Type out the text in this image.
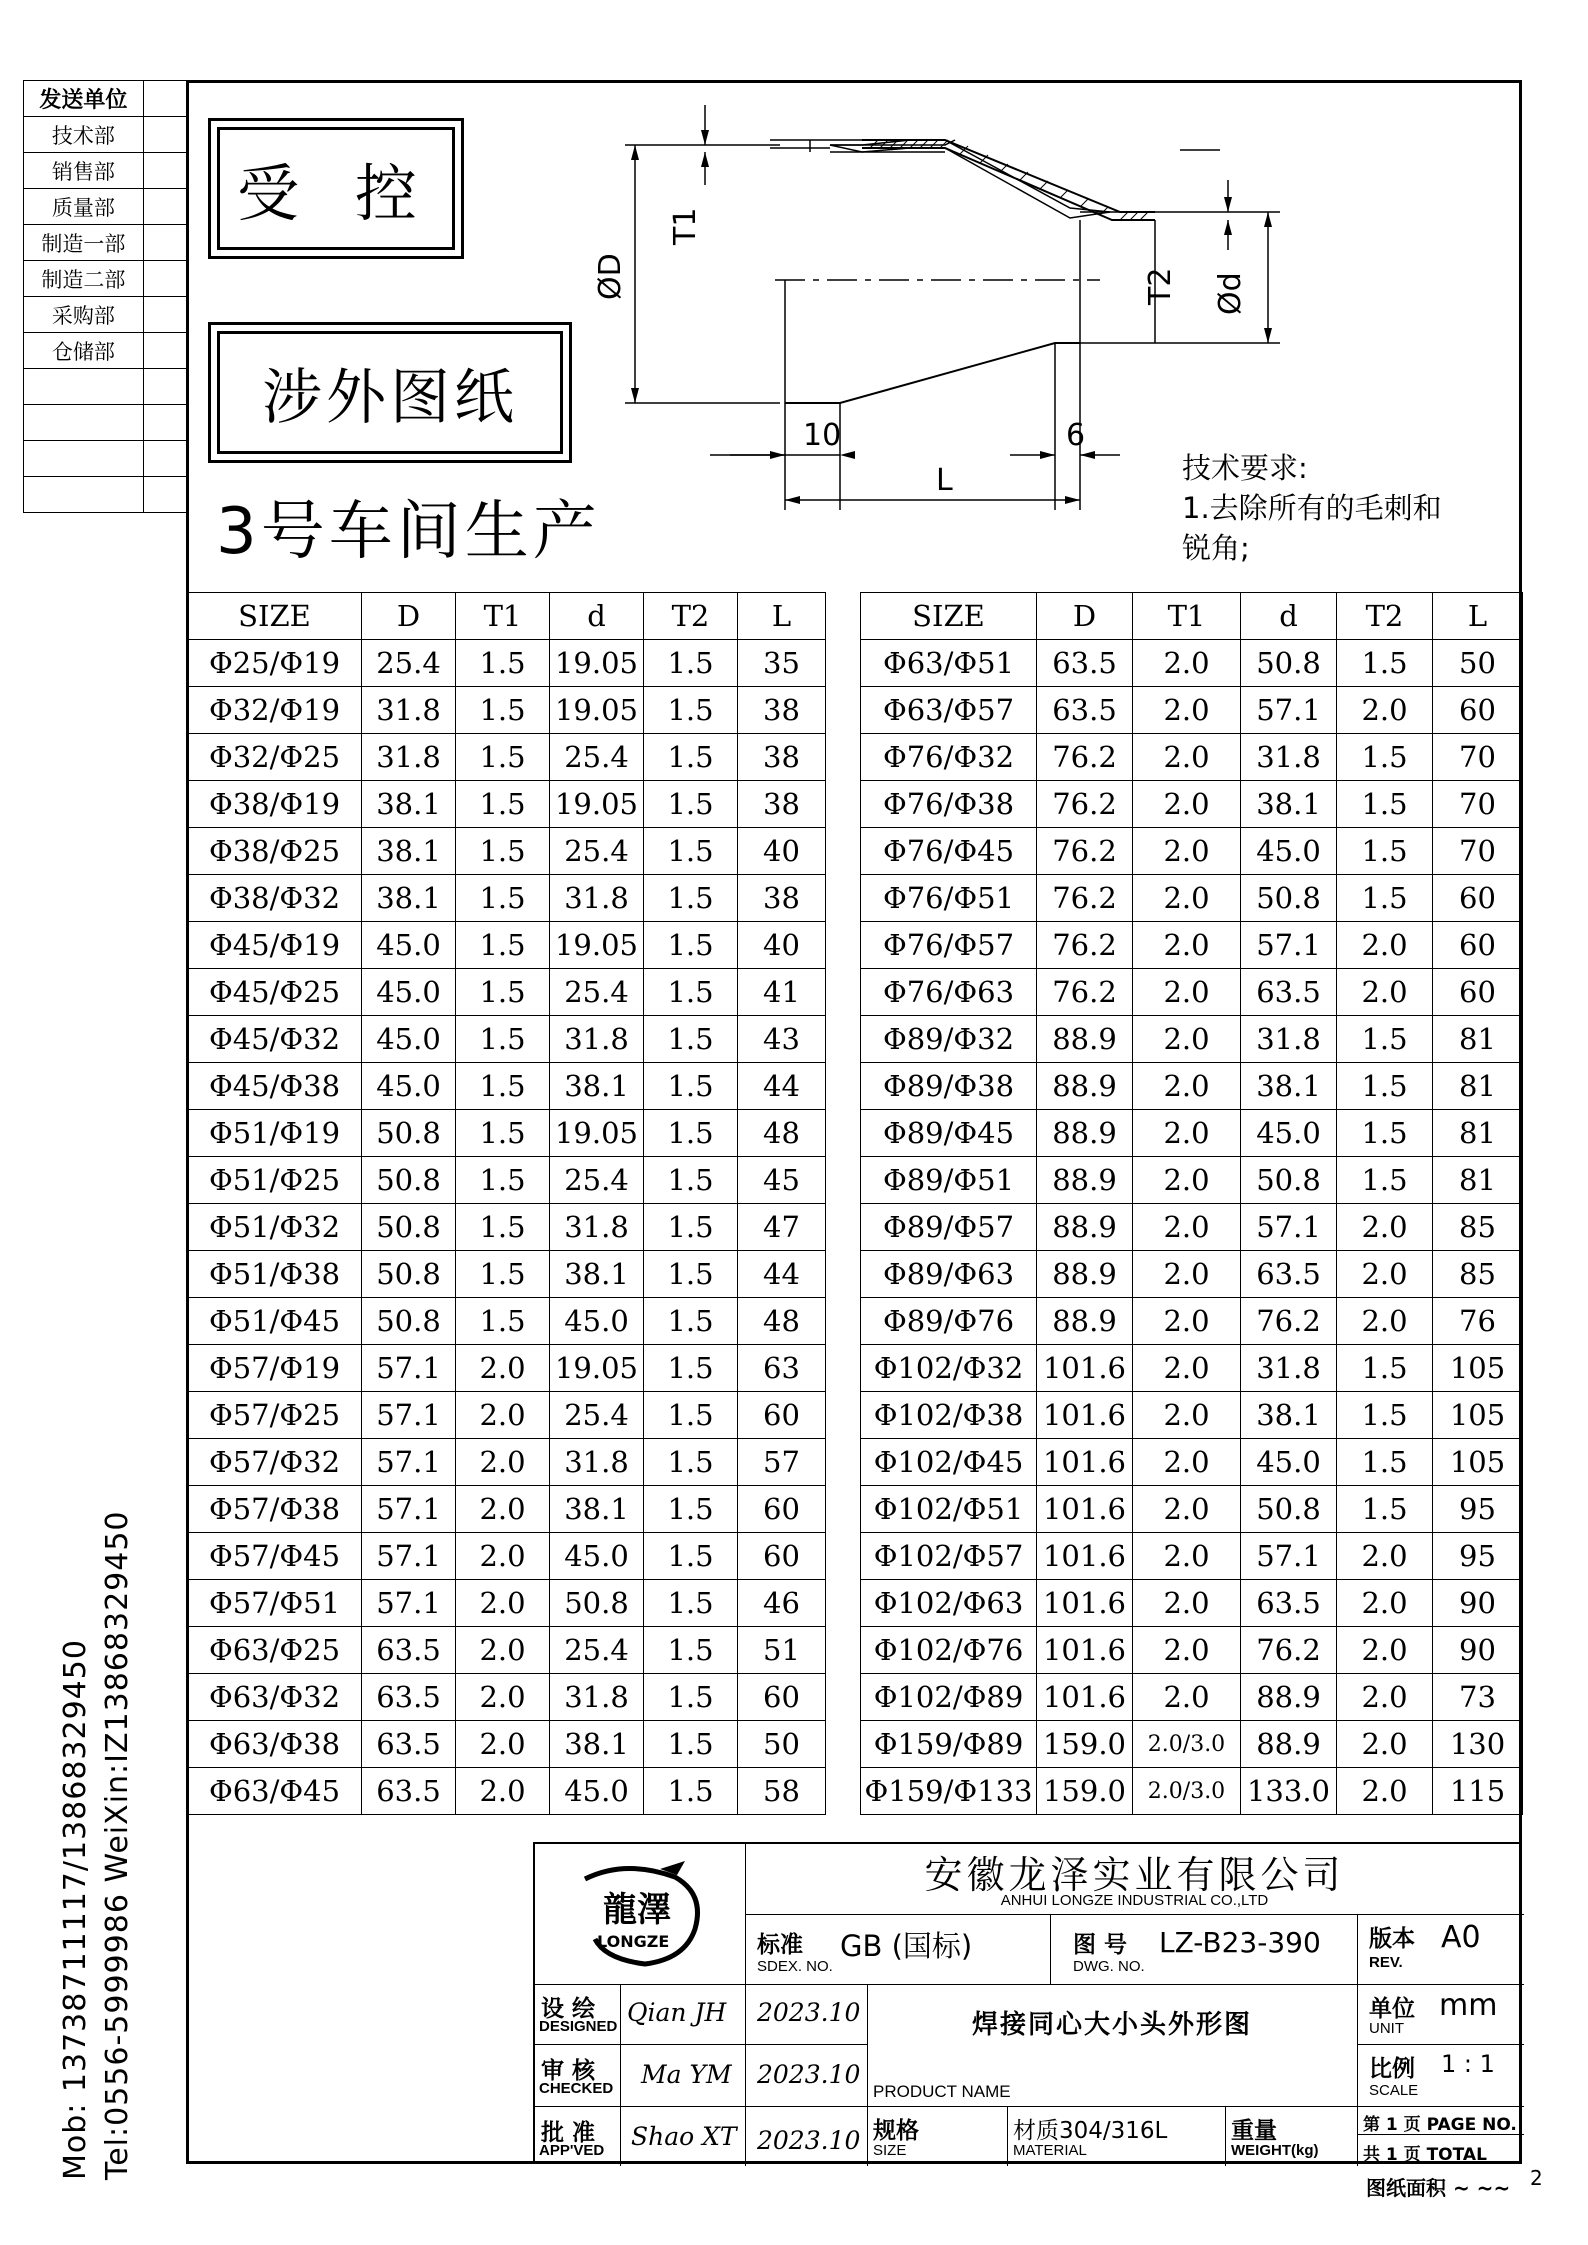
发送单位	
技术部	
销售部	
质量部	
制造一部	
制造二部	
采购部	
仓储部	

受 控
涉外图纸
3号车间生产
T1
ØD	T2 Ød
10	6
L	技术要求:
1.去除所有的毛刺和
锐角;
SIZE	D	T1	d	T2	L
Φ25/Φ19	25.4	1.5	19.05	1.5	35
Φ32/Φ19	31.8	1.5	19.05	1.5	38
Φ32/Φ25	31.8	1.5	25.4	1.5	38
Φ38/Φ19	38.1	1.5	19.05	1.5	38
Φ38/Φ25	38.1	1.5	25.4	1.5	40
Φ38/Φ32	38.1	1.5	31.8	1.5	38
Φ45/Φ19	45.0	1.5	19.05	1.5	40
Φ45/Φ25	45.0	1.5	25.4	1.5	41
Φ45/Φ32	45.0	1.5	31.8	1.5	43
Φ45/Φ38	45.0	1.5	38.1	1.5	44
Φ51/Φ19	50.8	1.5	19.05	1.5	48
Φ51/Φ25	50.8	1.5	25.4	1.5	45
Φ51/Φ32	50.8	1.5	31.8	1.5	47
Φ51/Φ38	50.8	1.5	38.1	1.5	44
Φ51/Φ45	50.8	1.5	45.0	1.5	48
Φ57/Φ19	57.1	2.0	19.05	1.5	63
Φ57/Φ25	57.1	2.0	25.4	1.5	60
Φ57/Φ32	57.1	2.0	31.8	1.5	57
Φ57/Φ38	57.1	2.0	38.1	1.5	60
Φ57/Φ45	57.1	2.0	45.0	1.5	60
Φ57/Φ51	57.1	2.0	50.8	1.5	46
Φ63/Φ25	63.5	2.0	25.4	1.5	51
Φ63/Φ32	63.5	2.0	31.8	1.5	60
Φ63/Φ38	63.5	2.0	38.1	1.5	50
Φ63/Φ45	63.5	2.0	45.0	1.5	58
SIZE	D	T1	d	T2	L
Φ63/Φ51	63.5	2.0	50.8	1.5	50
Φ63/Φ57	63.5	2.0	57.1	2.0	60
Φ76/Φ32	76.2	2.0	31.8	1.5	70
Φ76/Φ38	76.2	2.0	38.1	1.5	70
Φ76/Φ45	76.2	2.0	45.0	1.5	70
Φ76/Φ51	76.2	2.0	50.8	1.5	60
Φ76/Φ57	76.2	2.0	57.1	2.0	60
Φ76/Φ63	76.2	2.0	63.5	2.0	60
Φ89/Φ32	88.9	2.0	31.8	1.5	81
Φ89/Φ38	88.9	2.0	38.1	1.5	81
Φ89/Φ45	88.9	2.0	45.0	1.5	81
Φ89/Φ51	88.9	2.0	50.8	1.5	81
Φ89/Φ57	88.9	2.0	57.1	2.0	85
Φ89/Φ63	88.9	2.0	63.5	2.0	85
Φ89/Φ76	88.9	2.0	76.2	2.0	76
Φ102/Φ32	101.6	2.0	31.8	1.5	105
Φ102/Φ38	101.6	2.0	38.1	1.5	105
Φ102/Φ45	101.6	2.0	45.0	1.5	105
Φ102/Φ51	101.6	2.0	50.8	1.5	95
Φ102/Φ57	101.6	2.0	57.1	2.0	95
Φ102/Φ63	101.6	2.0	63.5	2.0	90
Φ102/Φ76	101.6	2.0	76.2	2.0	90
Φ102/Φ89	101.6	2.0	88.9	2.0	73
Φ159/Φ89	159.0	2.0/3.0	88.9	2.0	130
Φ159/Φ133	159.0	2.0/3.0	133.0	2.0	115
Mob: 13738711117/13868329450 Tel:0556-5999986 WeiXin:IZ13868329450	龍澤
LONGZE
安徽龙泽实业有限公司
ANHUI LONGZE INDUSTRIAL CO.,LTD
标准
SDEX. NO.
GB (国标)	图 号
DWG. NO.
LZ-B23-390 版本
REV.
A0
设 绘
DESIGNED Qian JH 2023.10
审 核
CHECKED Ma YM 2023.10
批 准
APP'VED Shao XT 2023.10
焊接同心大小头外形图
PRODUCT NAME
单位
UNIT
mm
比例
SCALE
1 : 1
规格
SIZE
材质304/316L
MATERIAL
重量
WEIGHT(kg)
第 1 页 PAGE NO.
共 1 页 TOTAL
图纸面积 ~ ~~ 2
